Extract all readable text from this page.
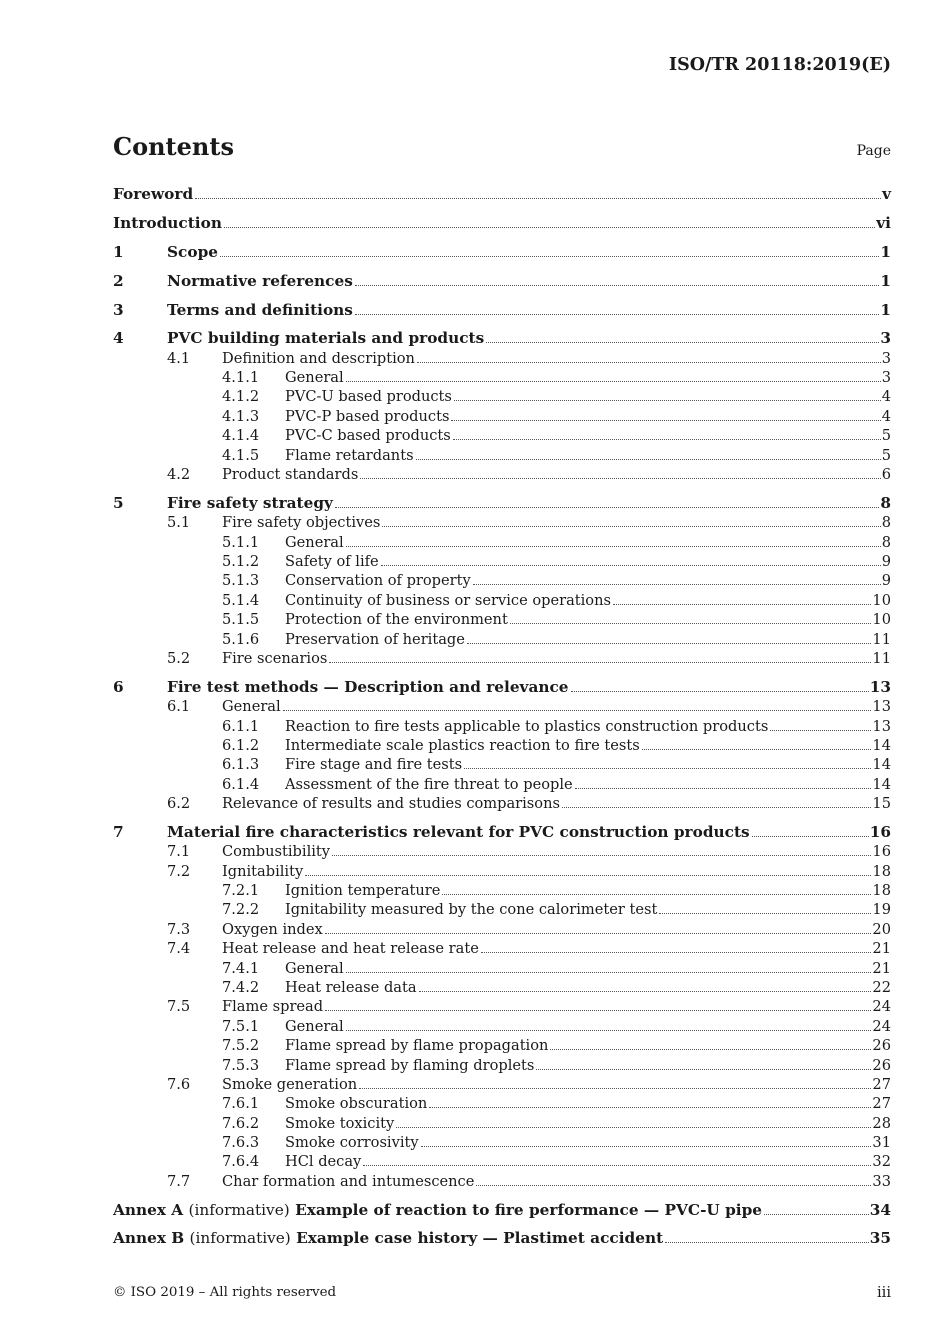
ISO/TR 20118:2019(E)
Contents	Page
Foreword	v
Introduction	vi
1	Scope	1
2	Normative references	1
3	Terms and definitions	1
4	PVC building materials and products	3
4.1	Definition and description	3
4.1.1	General	3
4.1.2	PVC-U based products	4
4.1.3	PVC-P based products	4
4.1.4	PVC-C based products	5
4.1.5	Flame retardants	5
4.2	Product standards	6
5	Fire safety strategy	8
5.1	Fire safety objectives	8
5.1.1	General	8
5.1.2	Safety of life	9
5.1.3	Conservation of property	9
5.1.4	Continuity of business or service operations	10
5.1.5	Protection of the environment	10
5.1.6	Preservation of heritage	11
5.2	Fire scenarios	11
6	Fire test methods — Description and relevance	13
6.1	General	13
6.1.1	Reaction to fire tests applicable to plastics construction products	13
6.1.2	Intermediate scale plastics reaction to fire tests	14
6.1.3	Fire stage and fire tests	14
6.1.4	Assessment of the fire threat to people	14
6.2	Relevance of results and studies comparisons	15
7	Material fire characteristics relevant for PVC construction products	16
7.1	Combustibility	16
7.2	Ignitability	18
7.2.1	Ignition temperature	18
7.2.2	Ignitability measured by the cone calorimeter test	19
7.3	Oxygen index	20
7.4	Heat release and heat release rate	21
7.4.1	General	21
7.4.2	Heat release data	22
7.5	Flame spread	24
7.5.1	General	24
7.5.2	Flame spread by flame propagation	26
7.5.3	Flame spread by flaming droplets	26
7.6	Smoke generation	27
7.6.1	Smoke obscuration	27
7.6.2	Smoke toxicity	28
7.6.3	Smoke corrosivity	31
7.6.4	HCl decay	32
7.7	Char formation and intumescence	33
Annex A (informative) Example of reaction to fire performance — PVC-U pipe	34
Annex B (informative) Example case history — Plastimet accident	35
© ISO 2019 – All rights reserved	iii
